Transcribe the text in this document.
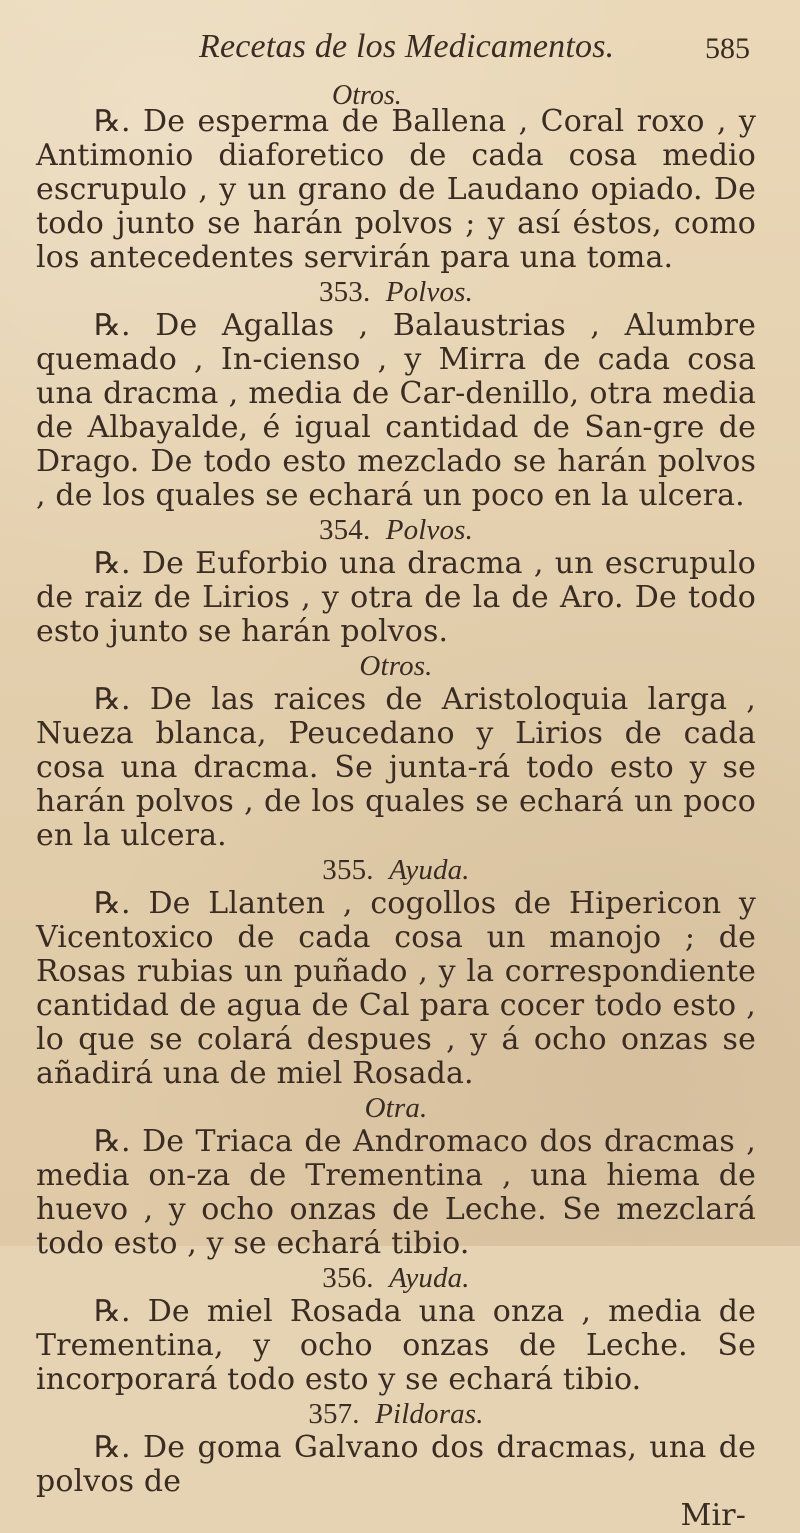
Recetas de los Medicamentos.	585
Otros.

℞. De esperma de Ballena , Coral roxo , y Antimonio diaforetico de cada cosa medio escrupulo , y un grano de Laudano opiado. De todo junto se harán polvos ; y así éstos, como los antecedentes servirán para una toma.

353. Polvos.

℞. De Agallas , Balaustrias , Alumbre quemado , In-cienso , y Mirra de cada cosa una dracma , media de Car-denillo, otra media de Albayalde, é igual cantidad de San-gre de Drago. De todo esto mezclado se harán polvos , de los quales se echará un poco en la ulcera.

354. Polvos.

℞. De Euforbio una dracma , un escrupulo de raiz de Lirios , y otra de la de Aro. De todo esto junto se harán polvos.

Otros.

℞. De las raices de Aristoloquia larga , Nueza blanca, Peucedano y Lirios de cada cosa una dracma. Se junta-rá todo esto y se harán polvos , de los quales se echará un poco en la ulcera.

355. Ayuda.

℞. De Llanten , cogollos de Hipericon y Vicentoxico de cada cosa un manojo ; de Rosas rubias un puñado , y la correspondiente cantidad de agua de Cal para cocer todo esto , lo que se colará despues , y á ocho onzas se añadirá una de miel Rosada.

Otra.

℞. De Triaca de Andromaco dos dracmas , media on-za de Trementina , una hiema de huevo , y ocho onzas de Leche. Se mezclará todo esto , y se echará tibio.

356. Ayuda.

℞. De miel Rosada una onza , media de Trementina, y ocho onzas de Leche. Se incorporará todo esto y se echará tibio.

357. Pildoras.

℞. De goma Galvano dos dracmas, una de polvos de

Mir-
